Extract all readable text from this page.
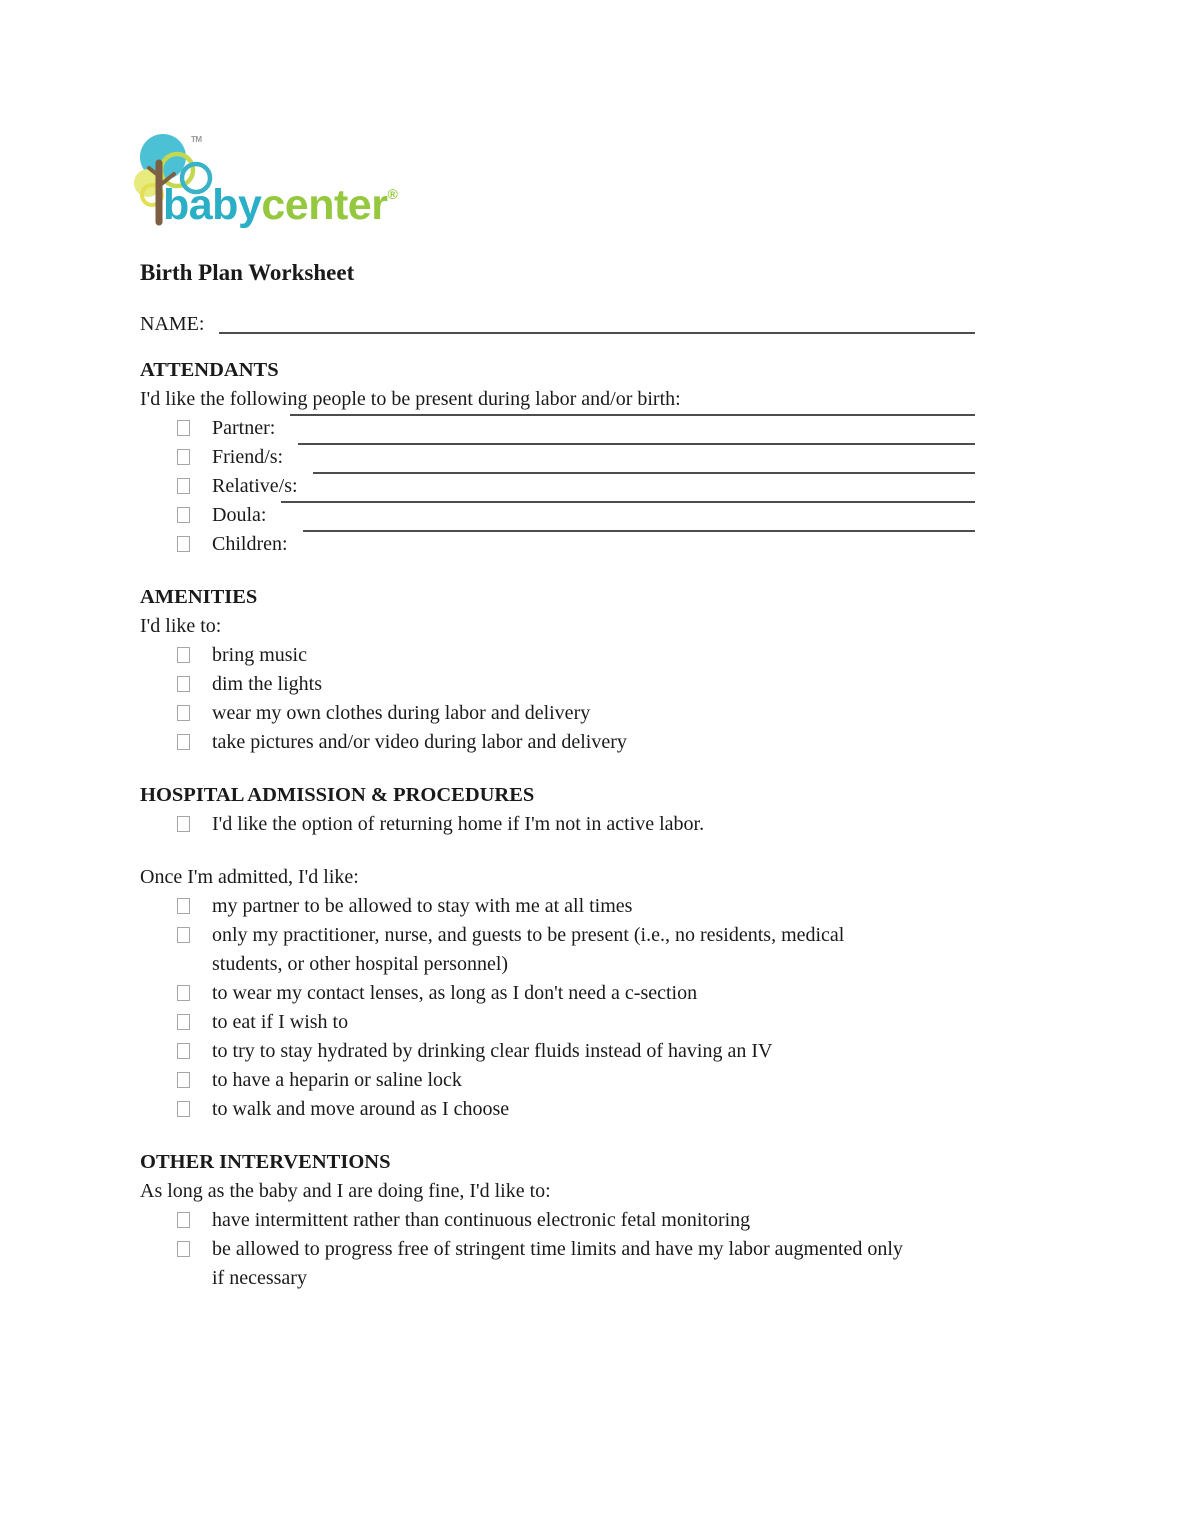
TM
babycenter®
Birth Plan Worksheet
NAME:
ATTENDANTS

I'd like the following people to be present during labor and/or birth:

Partner:
Friend/s:
Relative/s:
Doula:
Children:
AMENITIES

I'd like to:

bring music
dim the lights
wear my own clothes during labor and delivery
take pictures and/or video during labor and delivery
HOSPITAL ADMISSION & PROCEDURES
I'd like the option of returning home if I'm not in active labor.

Once I'm admitted, I'd like:

my partner to be allowed to stay with me at all times
only my practitioner, nurse, and guests to be present (i.e., no residents, medical students, or other hospital personnel)
to wear my contact lenses, as long as I don't need a c-section
to eat if I wish to
to try to stay hydrated by drinking clear fluids instead of having an IV
to have a heparin or saline lock
to walk and move around as I choose
OTHER INTERVENTIONS

As long as the baby and I are doing fine, I'd like to:

have intermittent rather than continuous electronic fetal monitoring
be allowed to progress free of stringent time limits and have my labor augmented only if necessary
